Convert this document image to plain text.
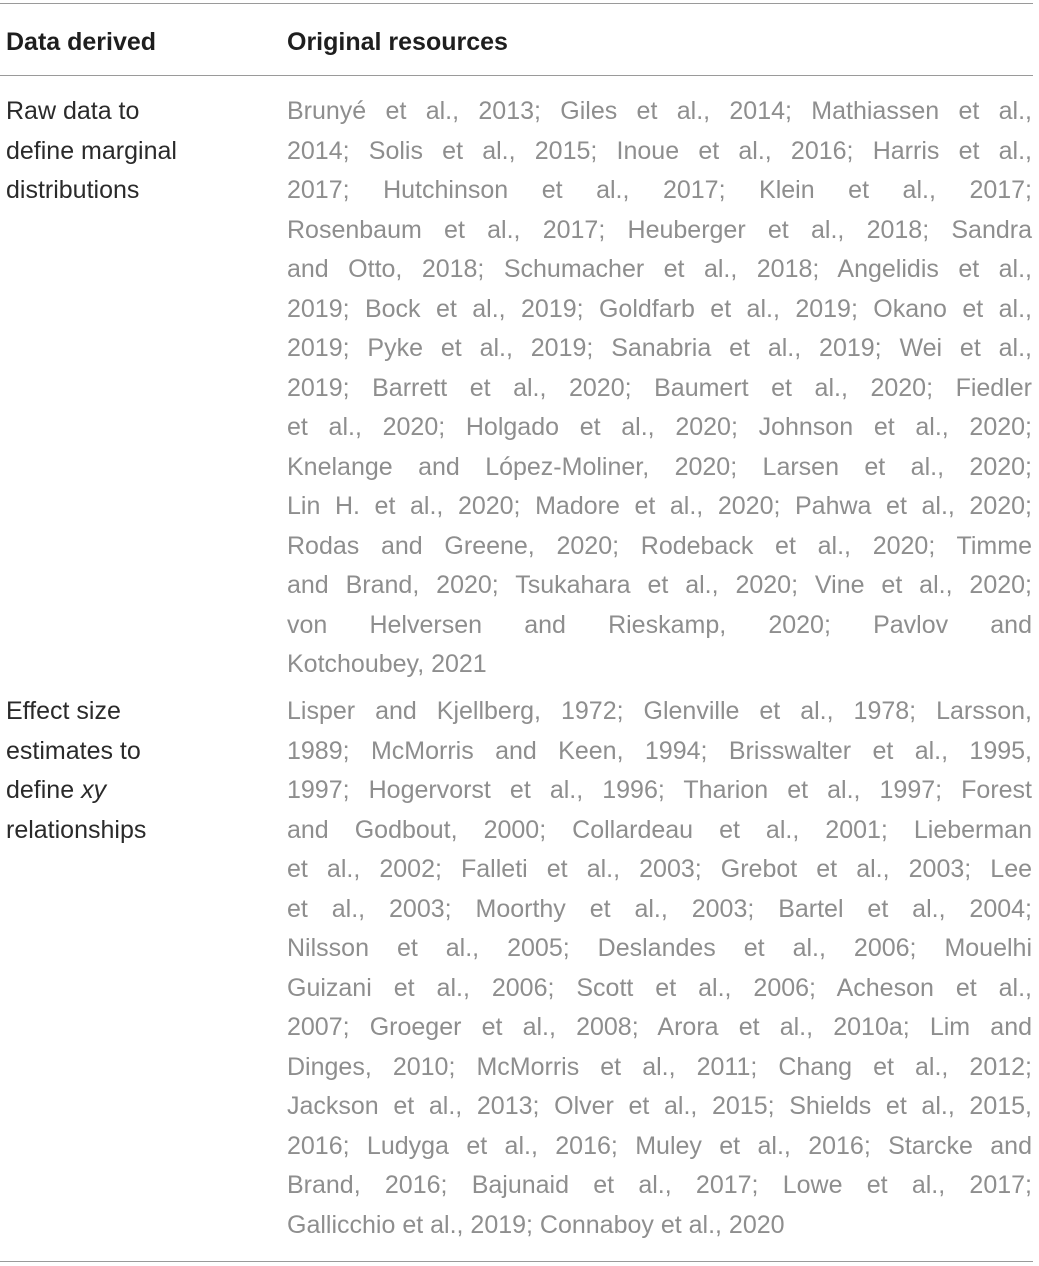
Data derived	Original resources
Raw data to
define marginal
distributions
Brunyé et al., 2013; Giles et al., 2014; Mathiassen et al.,
2014; Solis et al., 2015; Inoue et al., 2016; Harris et al.,
2017; Hutchinson et al., 2017; Klein et al., 2017;
Rosenbaum et al., 2017; Heuberger et al., 2018; Sandra
and Otto, 2018; Schumacher et al., 2018; Angelidis et al.,
2019; Bock et al., 2019; Goldfarb et al., 2019; Okano et al.,
2019; Pyke et al., 2019; Sanabria et al., 2019; Wei et al.,
2019; Barrett et al., 2020; Baumert et al., 2020; Fiedler
et al., 2020; Holgado et al., 2020; Johnson et al., 2020;
Knelange and López-Moliner, 2020; Larsen et al., 2020;
Lin H. et al., 2020; Madore et al., 2020; Pahwa et al., 2020;
Rodas and Greene, 2020; Rodeback et al., 2020; Timme
and Brand, 2020; Tsukahara et al., 2020; Vine et al., 2020;
von Helversen and Rieskamp, 2020; Pavlov and
Kotchoubey, 2021
Effect size
estimates to
define xy
relationships
Lisper and Kjellberg, 1972; Glenville et al., 1978; Larsson,
1989; McMorris and Keen, 1994; Brisswalter et al., 1995,
1997; Hogervorst et al., 1996; Tharion et al., 1997; Forest
and Godbout, 2000; Collardeau et al., 2001; Lieberman
et al., 2002; Falleti et al., 2003; Grebot et al., 2003; Lee
et al., 2003; Moorthy et al., 2003; Bartel et al., 2004;
Nilsson et al., 2005; Deslandes et al., 2006; Mouelhi
Guizani et al., 2006; Scott et al., 2006; Acheson et al.,
2007; Groeger et al., 2008; Arora et al., 2010a; Lim and
Dinges, 2010; McMorris et al., 2011; Chang et al., 2012;
Jackson et al., 2013; Olver et al., 2015; Shields et al., 2015,
2016; Ludyga et al., 2016; Muley et al., 2016; Starcke and
Brand, 2016; Bajunaid et al., 2017; Lowe et al., 2017;
Gallicchio et al., 2019; Connaboy et al., 2020
